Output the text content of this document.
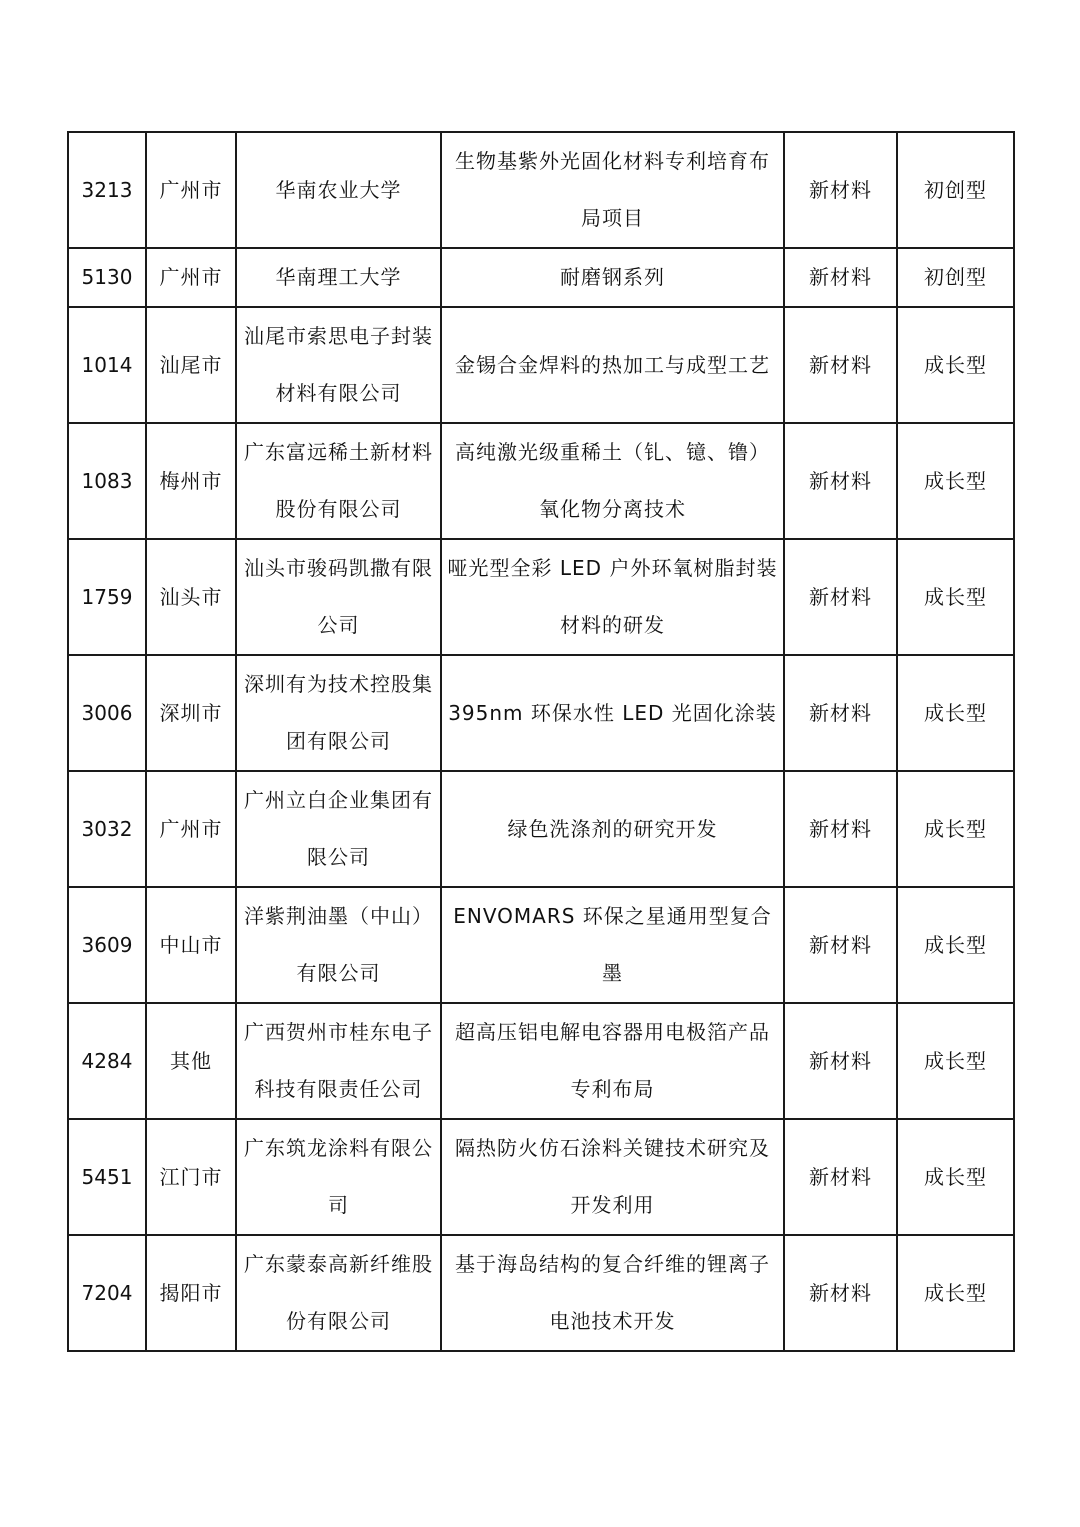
3213	广州市	华南农业大学	生物基紫外光固化材料专利培育布局项目	新材料	初创型
5130	广州市	华南理工大学	耐磨钢系列	新材料	初创型
1014	汕尾市	汕尾市索思电子封装材料有限公司	金锡合金焊料的热加工与成型工艺	新材料	成长型
1083	梅州市	广东富远稀土新材料股份有限公司	高纯激光级重稀土（钆、镱、镥）氧化物分离技术	新材料	成长型
1759	汕头市	汕头市骏码凯撒有限公司	哑光型全彩 LED 户外环氧树脂封装材料的研发	新材料	成长型
3006	深圳市	深圳有为技术控股集团有限公司	395nm 环保水性 LED 光固化涂装	新材料	成长型
3032	广州市	广州立白企业集团有限公司	绿色洗涤剂的研究开发	新材料	成长型
3609	中山市	洋紫荆油墨（中山）有限公司	ENVOMARS 环保之星通用型复合墨	新材料	成长型
4284	其他	广西贺州市桂东电子科技有限责任公司	超高压铝电解电容器用电极箔产品专利布局	新材料	成长型
5451	江门市	广东筑龙涂料有限公司	隔热防火仿石涂料关键技术研究及开发利用	新材料	成长型
7204	揭阳市	广东蒙泰高新纤维股份有限公司	基于海岛结构的复合纤维的锂离子电池技术开发	新材料	成长型
